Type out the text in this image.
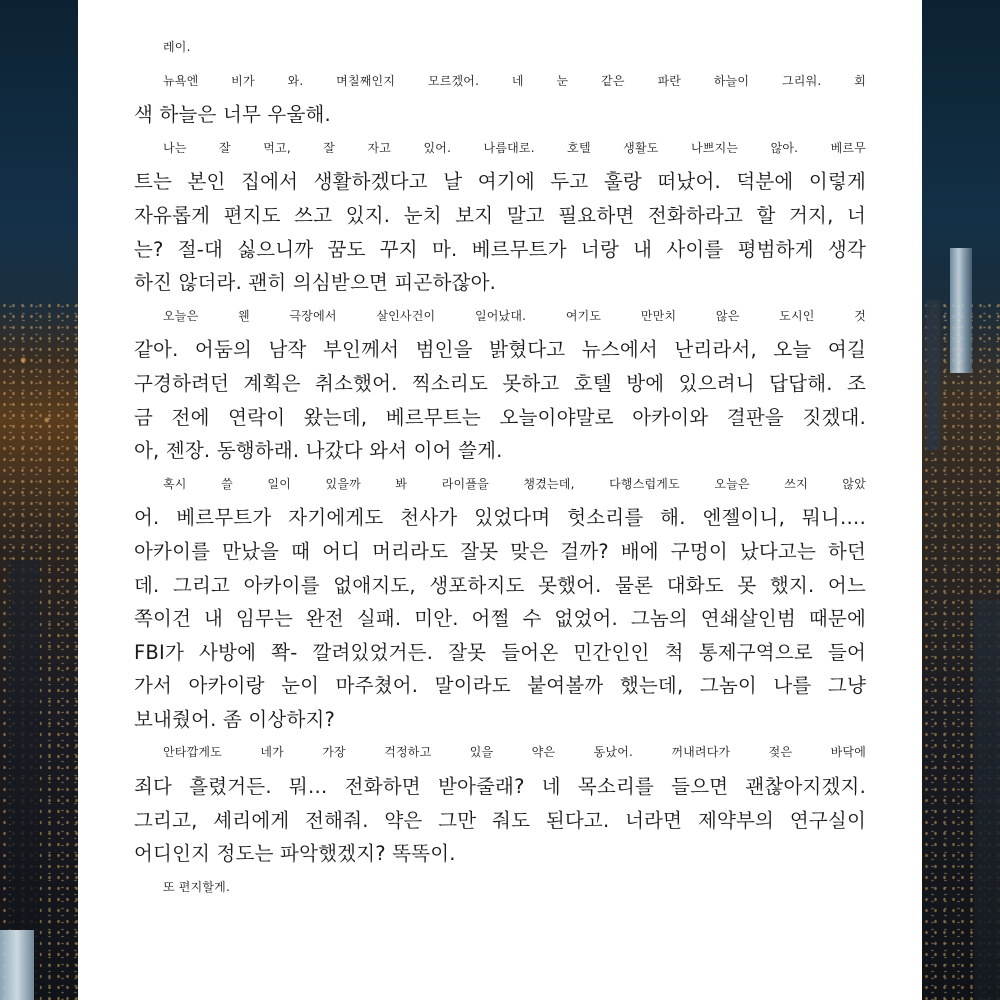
레이.

뉴욕엔 비가 와. 며칠째인지 모르겠어. 네 눈 같은 파란 하늘이 그리워. 회
색 하늘은 너무 우울해.

나는 잘 먹고, 잘 자고 있어. 나름대로. 호텔 생활도 나쁘지는 않아. 베르무
트는 본인 집에서 생활하겠다고 날 여기에 두고 훌랑 떠났어. 덕분에 이렇게
자유롭게 편지도 쓰고 있지. 눈치 보지 말고 필요하면 전화하라고 할 거지, 너
는? 절-대 싫으니까 꿈도 꾸지 마. 베르무트가 너랑 내 사이를 평범하게 생각
하진 않더라. 괜히 의심받으면 피곤하잖아.

오늘은 웬 극장에서 살인사건이 일어났대. 여기도 만만치 않은 도시인 것
같아. 어둠의 남작 부인께서 범인을 밝혔다고 뉴스에서 난리라서, 오늘 여길
구경하려던 계획은 취소했어. 찍소리도 못하고 호텔 방에 있으려니 답답해. 조
금 전에 연락이 왔는데, 베르무트는 오늘이야말로 아카이와 결판을 짓겠대.
아, 젠장. 동행하래. 나갔다 와서 이어 쓸게.

혹시 쓸 일이 있을까 봐 라이플을 챙겼는데, 다행스럽게도 오늘은 쓰지 않았
어. 베르무트가 자기에게도 천사가 있었다며 헛소리를 해. 엔젤이니, 뭐니….
아카이를 만났을 때 어디 머리라도 잘못 맞은 걸까? 배에 구멍이 났다고는 하던
데. 그리고 아카이를 없애지도, 생포하지도 못했어. 물론 대화도 못 했지. 어느
쪽이건 내 임무는 완전 실패. 미안. 어쩔 수 없었어. 그놈의 연쇄살인범 때문에
FBI가 사방에 쫙- 깔려있었거든. 잘못 들어온 민간인인 척 통제구역으로 들어
가서 아카이랑 눈이 마주쳤어. 말이라도 붙여볼까 했는데, 그놈이 나를 그냥
보내줬어. 좀 이상하지?

안타깝게도 네가 가장 걱정하고 있을 약은 동났어. 꺼내려다가 젖은 바닥에
죄다 흘렸거든. 뭐… 전화하면 받아줄래? 네 목소리를 들으면 괜찮아지겠지.
그리고, 셰리에게 전해줘. 약은 그만 줘도 된다고. 너라면 제약부의 연구실이
어디인지 정도는 파악했겠지? 똑똑이.

또 편지할게.
